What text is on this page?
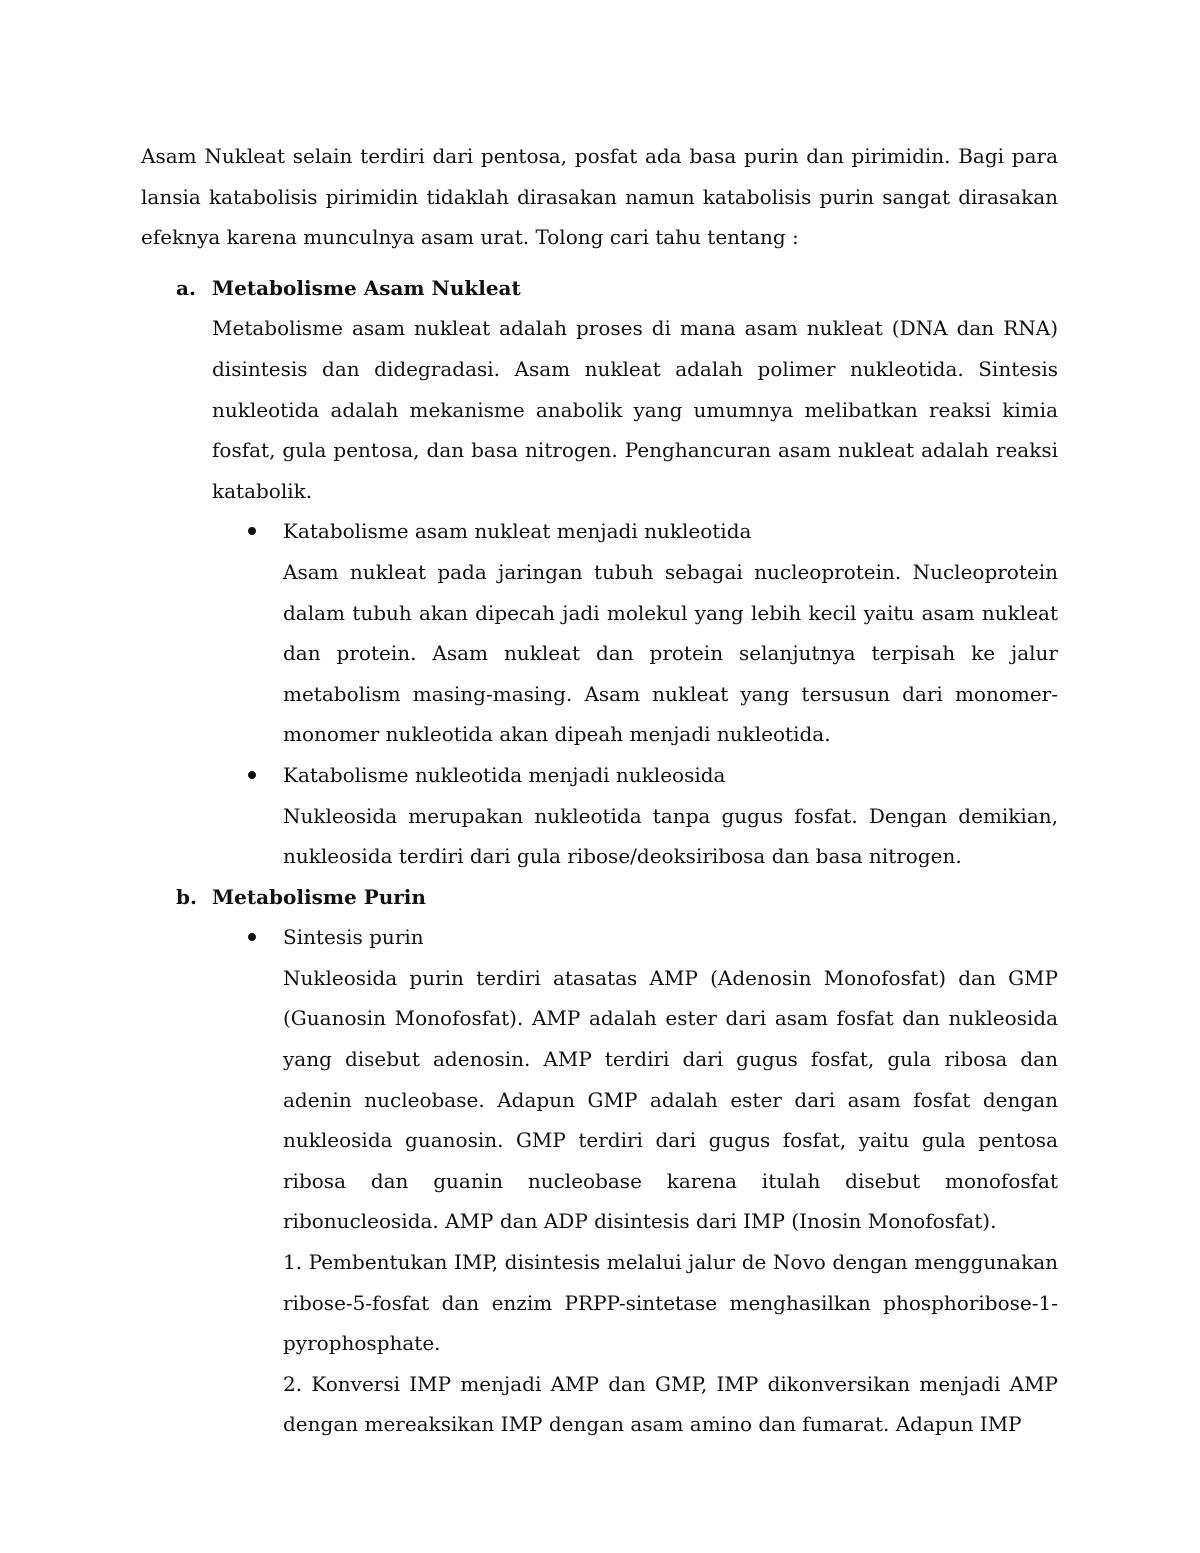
Asam Nukleat selain terdiri dari pentosa, posfat ada basa purin dan pirimidin. Bagi para lansia katabolisis pirimidin tidaklah dirasakan namun katabolisis purin sangat dirasakan efeknya karena munculnya asam urat. Tolong cari tahu tentang :

a. Metabolisme Asam Nukleat

Metabolisme asam nukleat adalah proses di mana asam nukleat (DNA dan RNA) disintesis dan didegradasi. Asam nukleat adalah polimer nukleotida. Sintesis nukleotida adalah mekanisme anabolik yang umumnya melibatkan reaksi kimia fosfat, gula pentosa, dan basa nitrogen. Penghancuran asam nukleat adalah reaksi katabolik.

Katabolisme asam nukleat menjadi nukleotida

Asam nukleat pada jaringan tubuh sebagai nucleoprotein. Nucleoprotein dalam tubuh akan dipecah jadi molekul yang lebih kecil yaitu asam nukleat dan protein. Asam nukleat dan protein selanjutnya terpisah ke jalur metabolism masing-masing. Asam nukleat yang tersusun dari monomer-monomer nukleotida akan dipeah menjadi nukleotida.

Katabolisme nukleotida menjadi nukleosida

Nukleosida merupakan nukleotida tanpa gugus fosfat. Dengan demikian, nukleosida terdiri dari gula ribose/deoksiribosa dan basa nitrogen.

b. Metabolisme Purin

Sintesis purin

Nukleosida purin terdiri atasatas AMP (Adenosin Monofosfat) dan GMP (Guanosin Monofosfat). AMP adalah ester dari asam fosfat dan nukleosida yang disebut adenosin. AMP terdiri dari gugus fosfat, gula ribosa dan adenin nucleobase. Adapun GMP adalah ester dari asam fosfat dengan nukleosida guanosin. GMP terdiri dari gugus fosfat, yaitu gula pentosa ribosa dan guanin nucleobase karena itulah disebut monofosfat ribonucleosida. AMP dan ADP disintesis dari IMP (Inosin Monofosfat).

1. Pembentukan IMP, disintesis melalui jalur de Novo dengan menggunakan ribose-5-fosfat dan enzim PRPP-sintetase menghasilkan phosphoribose-1-pyrophosphate.

2. Konversi IMP menjadi AMP dan GMP, IMP dikonversikan menjadi AMP dengan mereaksikan IMP dengan asam amino dan fumarat. Adapun IMP
